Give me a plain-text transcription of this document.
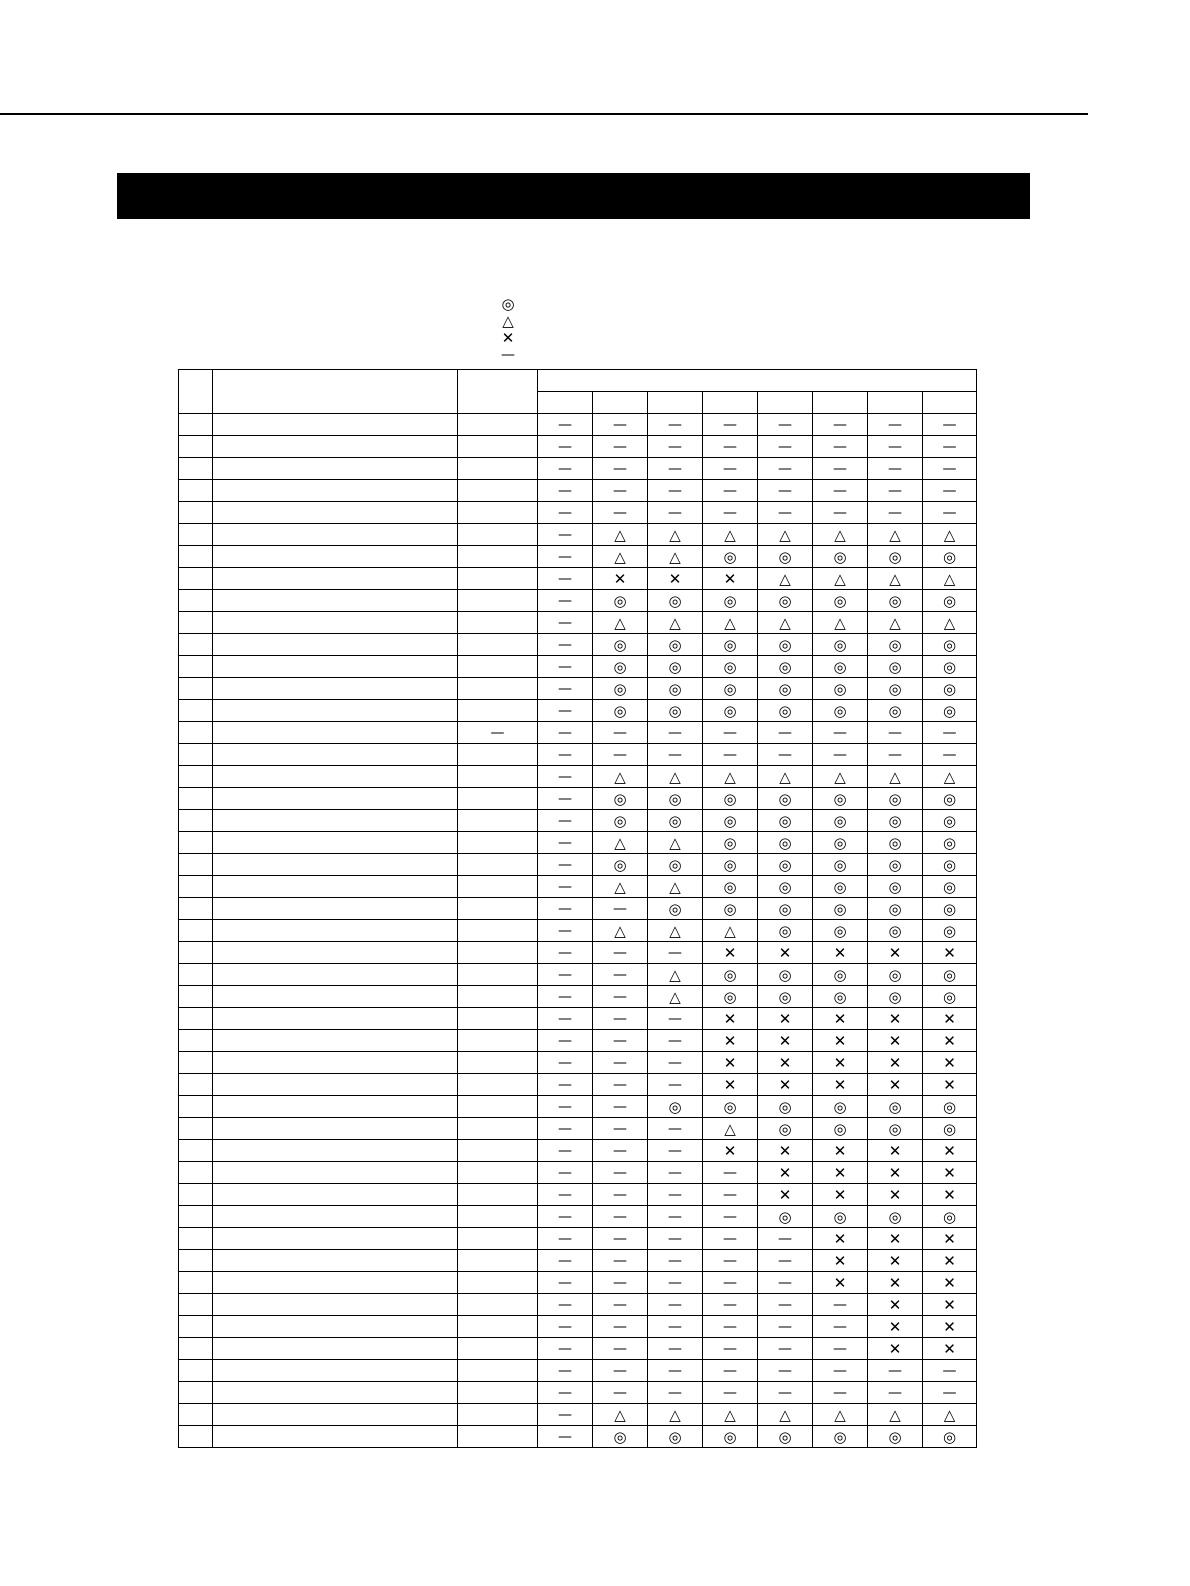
◎
△
✕
—

			—	—	—	—	—	—	—	—
			—	—	—	—	—	—	—	—
			—	—	—	—	—	—	—	—
			—	—	—	—	—	—	—	—
			—	—	—	—	—	—	—	—
			—	△	△	△	△	△	△	△
			—	△	△	◎	◎	◎	◎	◎
			—	✕	✕	✕	△	△	△	△
			—	◎	◎	◎	◎	◎	◎	◎
			—	△	△	△	△	△	△	△
			—	◎	◎	◎	◎	◎	◎	◎
			—	◎	◎	◎	◎	◎	◎	◎
			—	◎	◎	◎	◎	◎	◎	◎
			—	◎	◎	◎	◎	◎	◎	◎
		—	—	—	—	—	—	—	—	—
			—	—	—	—	—	—	—	—
			—	△	△	△	△	△	△	△
			—	◎	◎	◎	◎	◎	◎	◎
			—	◎	◎	◎	◎	◎	◎	◎
			—	△	△	◎	◎	◎	◎	◎
			—	◎	◎	◎	◎	◎	◎	◎
			—	△	△	◎	◎	◎	◎	◎
			—	—	◎	◎	◎	◎	◎	◎
			—	△	△	△	◎	◎	◎	◎
			—	—	—	✕	✕	✕	✕	✕
			—	—	△	◎	◎	◎	◎	◎
			—	—	△	◎	◎	◎	◎	◎
			—	—	—	✕	✕	✕	✕	✕
			—	—	—	✕	✕	✕	✕	✕
			—	—	—	✕	✕	✕	✕	✕
			—	—	—	✕	✕	✕	✕	✕
			—	—	◎	◎	◎	◎	◎	◎
			—	—	—	△	◎	◎	◎	◎
			—	—	—	✕	✕	✕	✕	✕
			—	—	—	—	✕	✕	✕	✕
			—	—	—	—	✕	✕	✕	✕
			—	—	—	—	◎	◎	◎	◎
			—	—	—	—	—	✕	✕	✕
			—	—	—	—	—	✕	✕	✕
			—	—	—	—	—	✕	✕	✕
			—	—	—	—	—	—	✕	✕
			—	—	—	—	—	—	✕	✕
			—	—	—	—	—	—	✕	✕
			—	—	—	—	—	—	—	—
			—	—	—	—	—	—	—	—
			—	△	△	△	△	△	△	△
			—	◎	◎	◎	◎	◎	◎	◎
